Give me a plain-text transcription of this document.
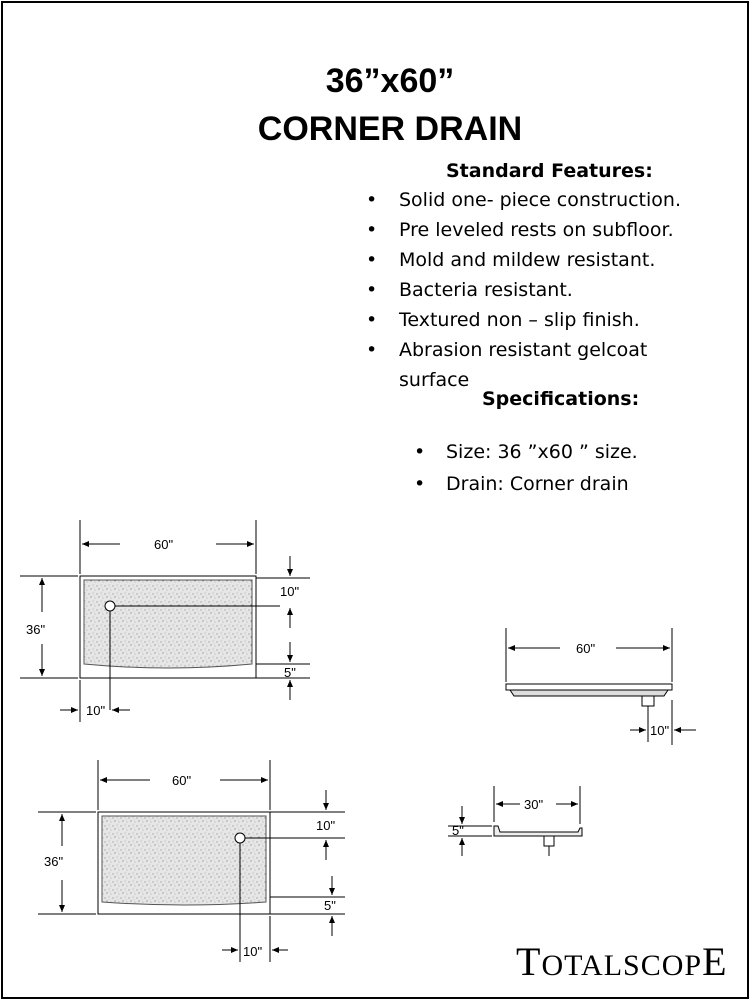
36”x60”
CORNER DRAIN
Standard Features:
• Solid one- piece construction.
• Pre leveled rests on subfloor.
• Mold and mildew resistant.
• Bacteria resistant.
• Textured non – slip finish.
• Abrasion resistant gelcoat surface
Specifications:
• Size: 36 ”x60 ” size.
• Drain: Corner drain
60"
36"
10"
5"
10"
60"
10"
60"
36"
10"
5"
10"
30"
5"
TOTALSCOPE
